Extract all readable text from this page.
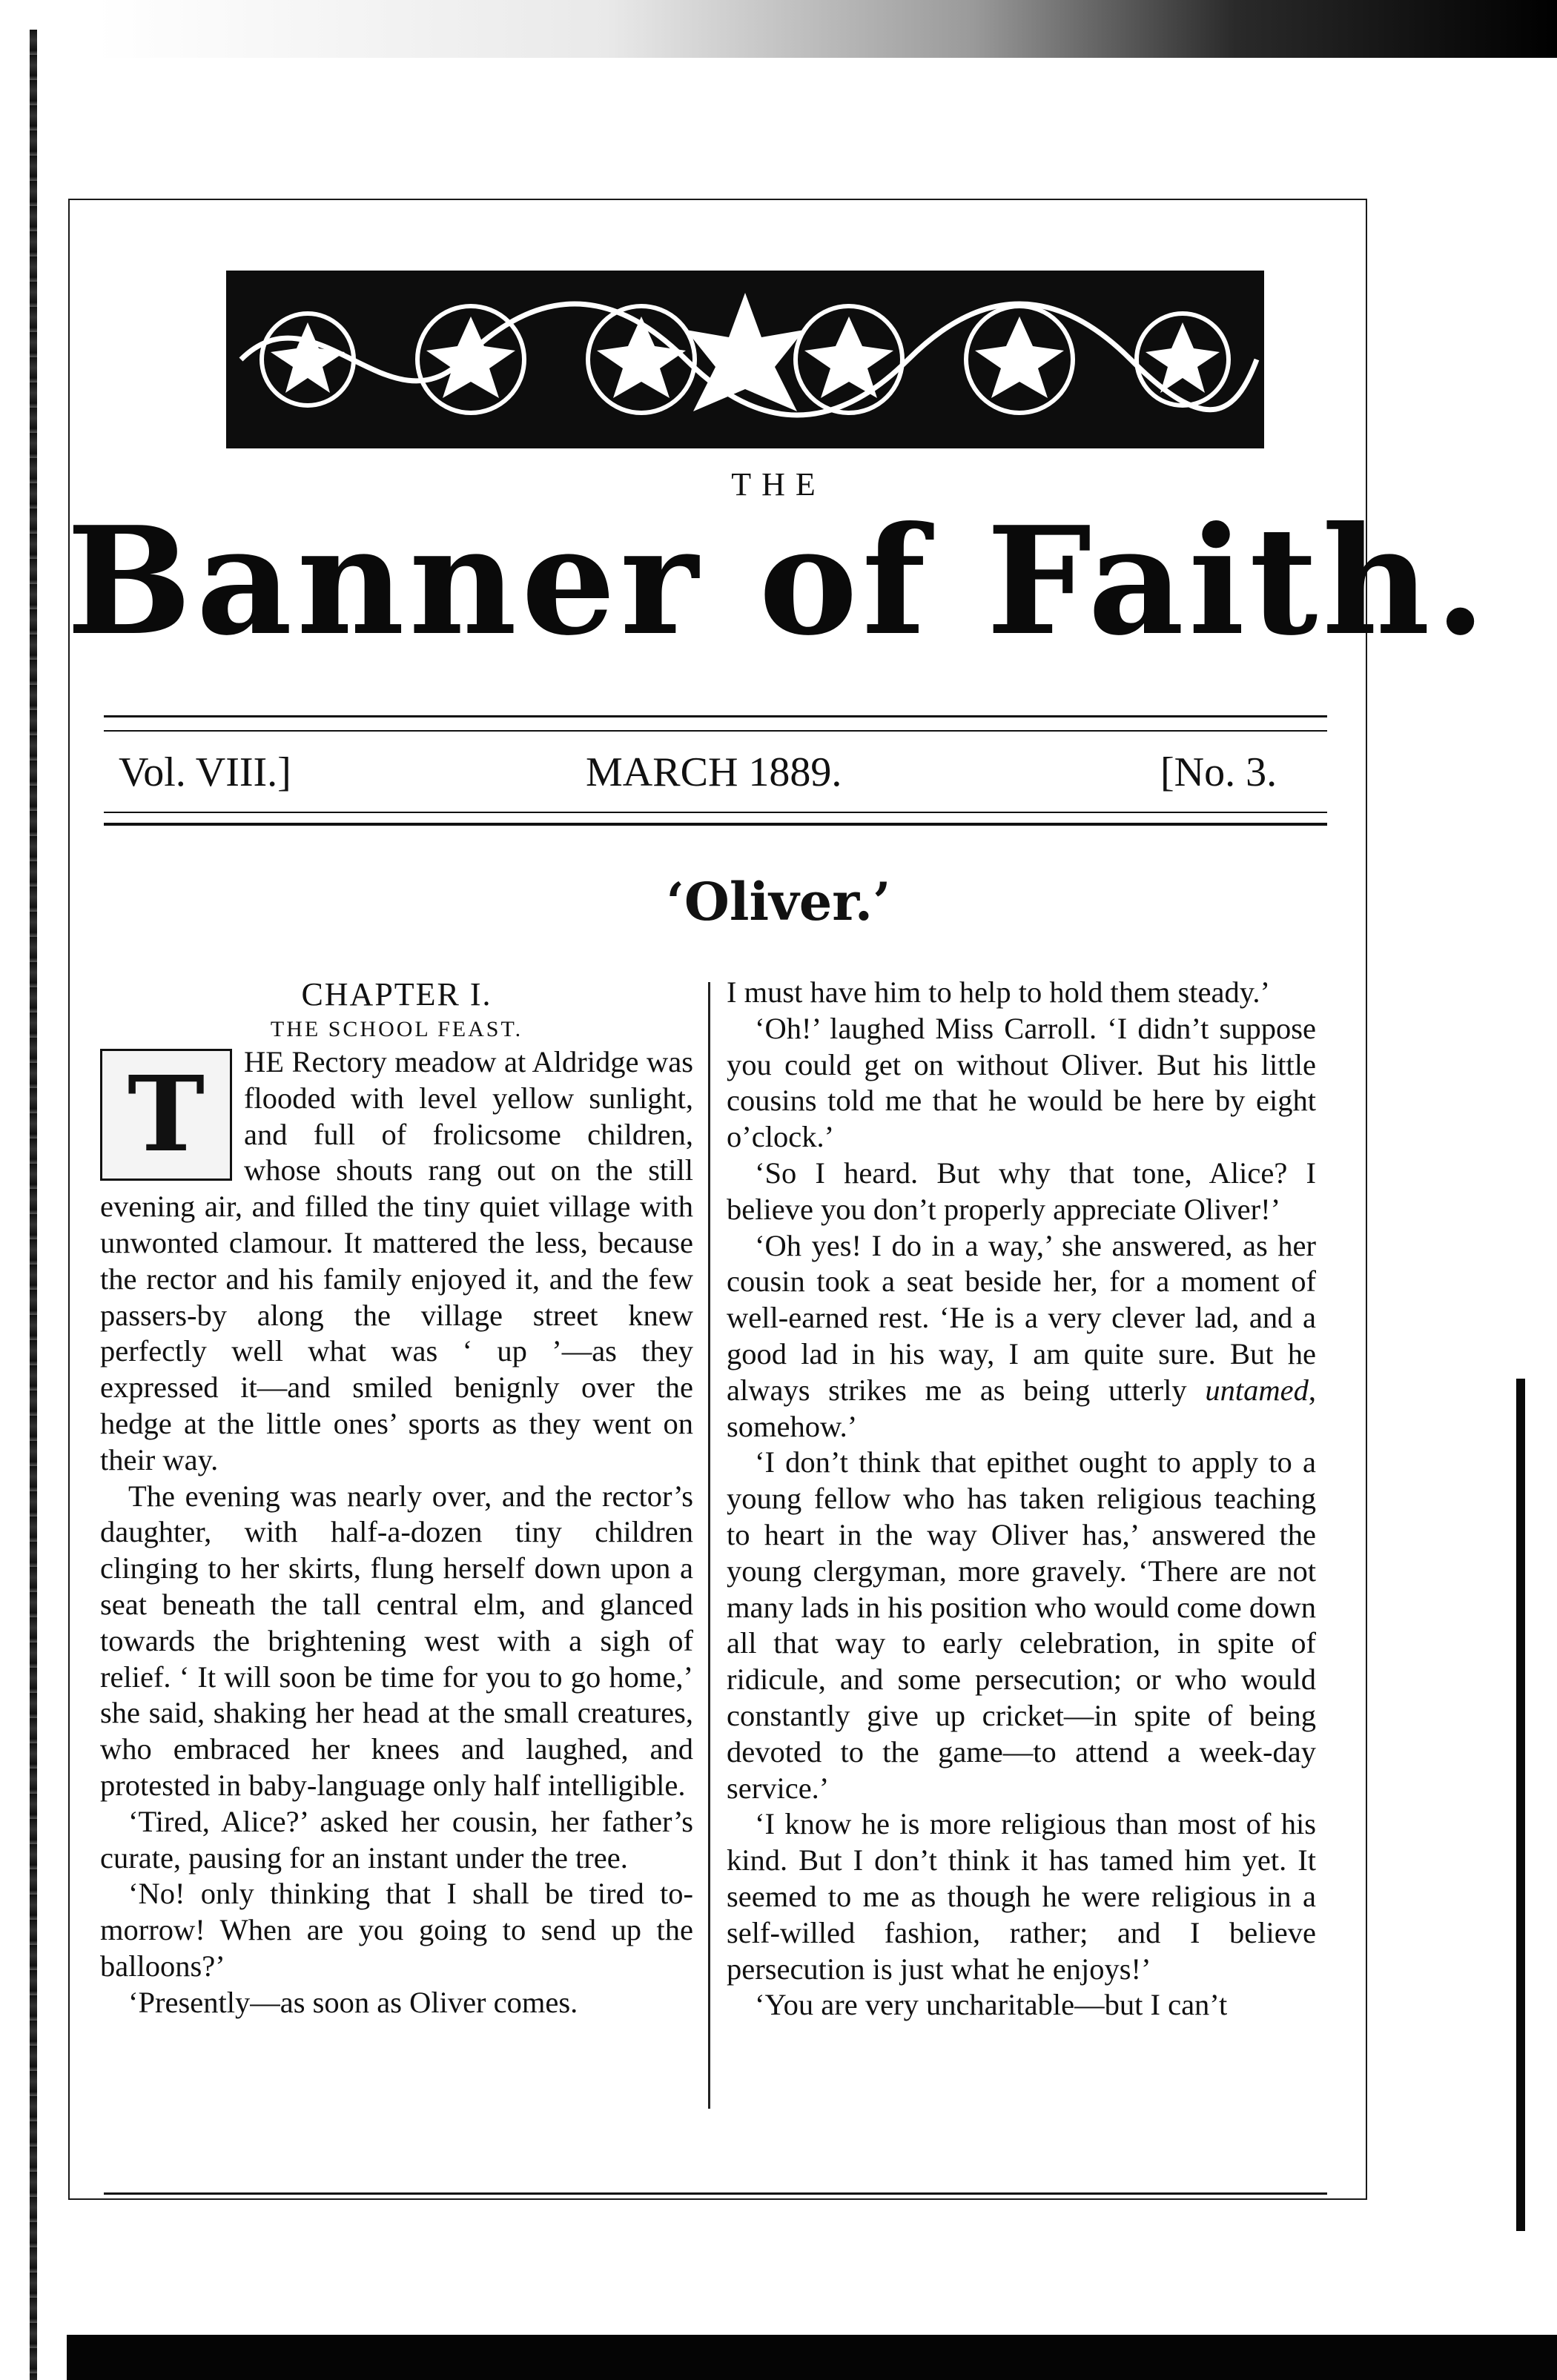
THE
Banner of Faith.
Vol. VIII.]	MARCH 1889.	[No. 3.
‘Oliver.’

CHAPTER I.

THE SCHOOL FEAST.

T	HE Rectory meadow at Aldridge was flooded with level yellow sunlight, and full of frolicsome children, whose shouts rang out on the still evening air, and filled the tiny quiet village with unwonted clamour. It mattered the less, because the rector and his family enjoyed it, and the few passers-by along the village street knew perfectly well what was ‘ up ’—as they expressed it—and smiled benignly over the hedge at the little ones’ sports as they went on their way.

The evening was nearly over, and the rector’s daughter, with half-a-dozen tiny children clinging to her skirts, flung herself down upon a seat beneath the tall central elm, and glanced towards the brightening west with a sigh of relief. ‘ It will soon be time for you to go home,’ she said, shaking her head at the small creatures, who embraced her knees and laughed, and protested in baby-language only half intelligible.

‘Tired, Alice?’ asked her cousin, her father’s curate, pausing for an instant under the tree.

‘No! only thinking that I shall be tired to-morrow! When are you going to send up the balloons?’

‘Presently—as soon as Oliver comes.

I must have him to help to hold them steady.’

‘Oh!’ laughed Miss Carroll. ‘I didn’t suppose you could get on without Oliver. But his little cousins told me that he would be here by eight o’clock.’

‘So I heard. But why that tone, Alice? I believe you don’t properly appreciate Oliver!’

‘Oh yes! I do in a way,’ she answered, as her cousin took a seat beside her, for a moment of well-earned rest. ‘He is a very clever lad, and a good lad in his way, I am quite sure. But he always strikes me as being utterly untamed, somehow.’

‘I don’t think that epithet ought to apply to a young fellow who has taken religious teaching to heart in the way Oliver has,’ answered the young clergyman, more gravely. ‘There are not many lads in his position who would come down all that way to early celebration, in spite of ridicule, and some persecution; or who would constantly give up cricket—in spite of being devoted to the game—to attend a week-day service.’

‘I know he is more religious than most of his kind. But I don’t think it has tamed him yet. It seemed to me as though he were religious in a self-willed fashion, rather; and I believe persecution is just what he enjoys!’

‘You are very uncharitable—but I can’t
